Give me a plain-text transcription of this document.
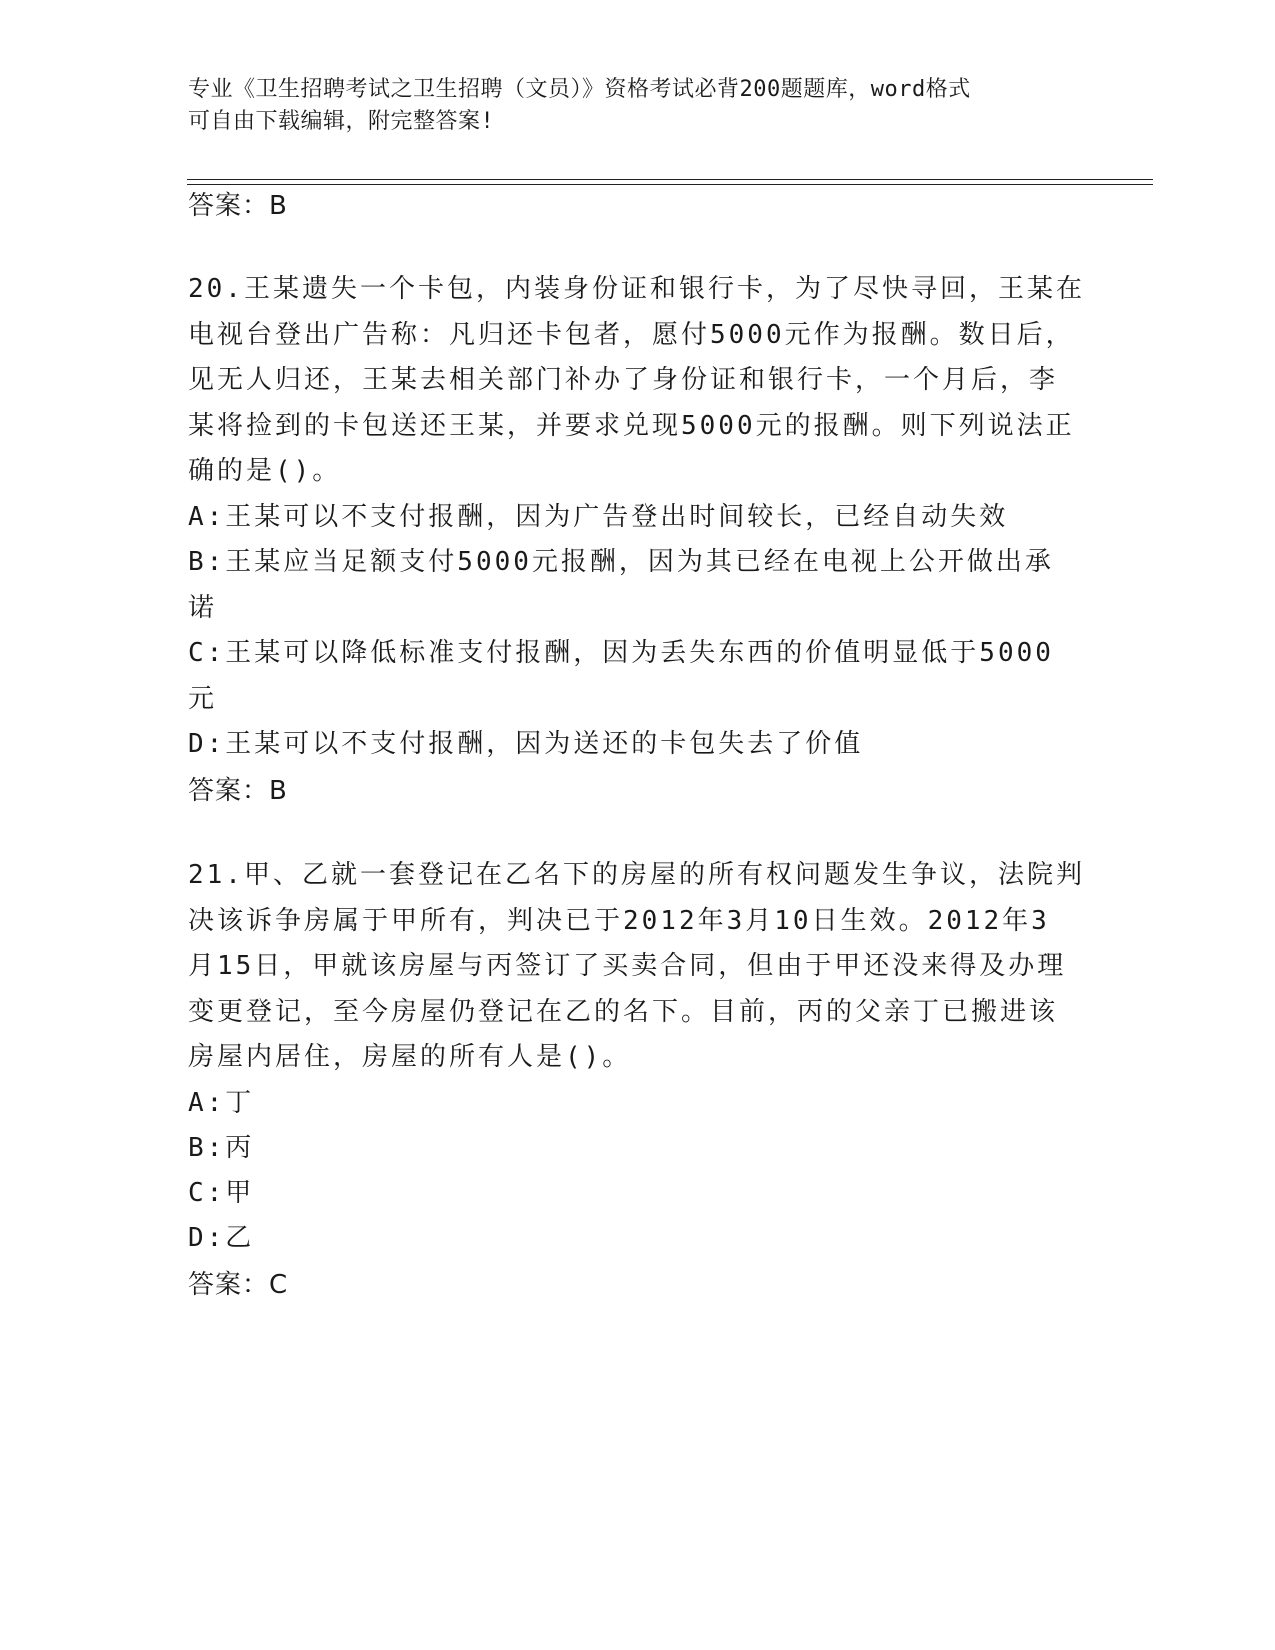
专业《卫生招聘考试之卫生招聘（文员）》资格考试必背200题题库，word格式
可自由下载编辑，附完整答案!
答案：B
20.王某遗失一个卡包，内装身份证和银行卡，为了尽快寻回，王某在
电视台登出广告称：凡归还卡包者，愿付5000元作为报酬。数日后，
见无人归还，王某去相关部门补办了身份证和银行卡，一个月后，李
某将捡到的卡包送还王某，并要求兑现5000元的报酬。则下列说法正
确的是()。
A:王某可以不支付报酬，因为广告登出时间较长，已经自动失效
B:王某应当足额支付5000元报酬，因为其已经在电视上公开做出承
诺
C:王某可以降低标准支付报酬，因为丢失东西的价值明显低于5000
元
D:王某可以不支付报酬，因为送还的卡包失去了价值
答案：B
21.甲、乙就一套登记在乙名下的房屋的所有权问题发生争议，法院判
决该诉争房属于甲所有，判决已于2012年3月10日生效。2012年3
月15日，甲就该房屋与丙签订了买卖合同，但由于甲还没来得及办理
变更登记，至今房屋仍登记在乙的名下。目前，丙的父亲丁已搬进该
房屋内居住，房屋的所有人是()。
A:丁
B:丙
C:甲
D:乙
答案：C
